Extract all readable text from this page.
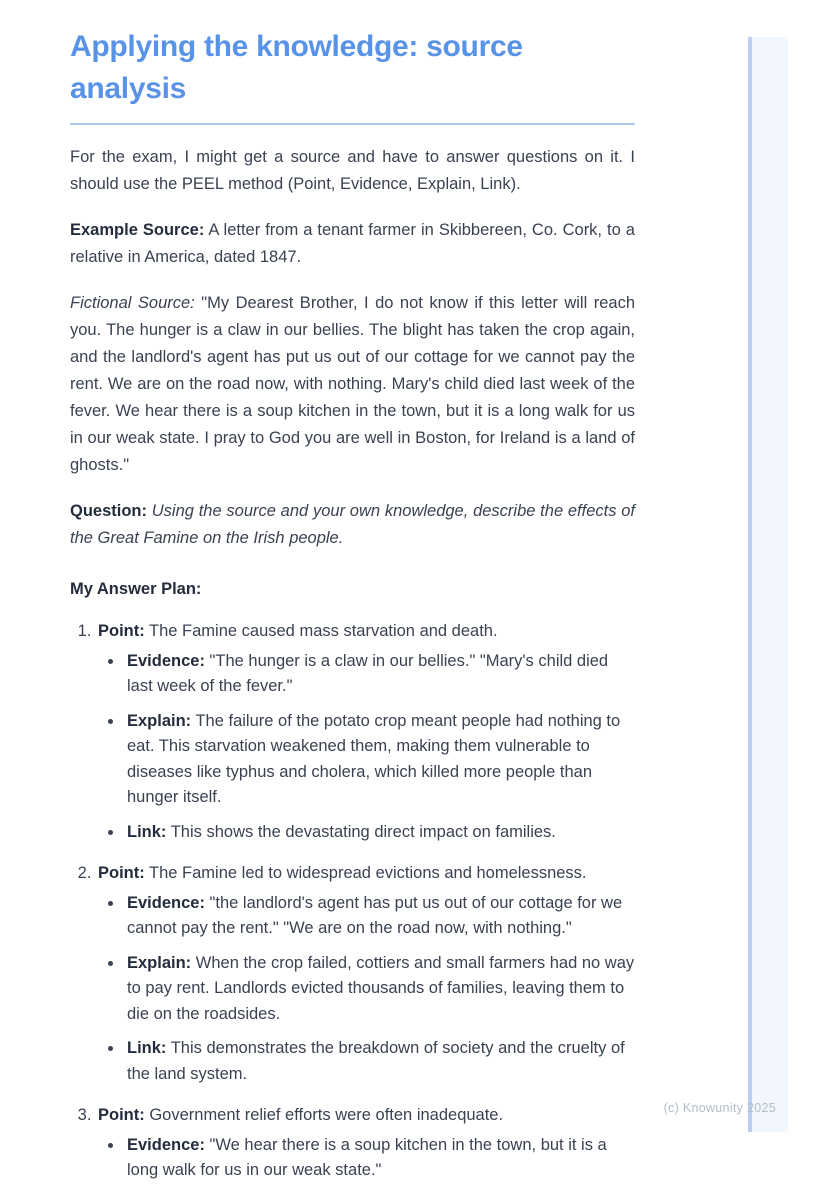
Applying the knowledge: source analysis

For the exam, I might get a source and have to answer questions on it. I should use the PEEL method (Point, Evidence, Explain, Link).

Example Source: A letter from a tenant farmer in Skibbereen, Co. Cork, to a relative in America, dated 1847.

Fictional Source: "My Dearest Brother, I do not know if this letter will reach you. The hunger is a claw in our bellies. The blight has taken the crop again, and the landlord's agent has put us out of our cottage for we cannot pay the rent. We are on the road now, with nothing. Mary's child died last week of the fever. We hear there is a soup kitchen in the town, but it is a long walk for us in our weak state. I pray to God you are well in Boston, for Ireland is a land of ghosts."

Question: Using the source and your own knowledge, describe the effects of the Great Famine on the Irish people.

My Answer Plan:
1. Point: The Famine caused mass starvation and death.
• Evidence: "The hunger is a claw in our bellies." "Mary's child died last week of the fever."
• Explain: The failure of the potato crop meant people had nothing to eat. This starvation weakened them, making them vulnerable to diseases like typhus and cholera, which killed more people than hunger itself.
• Link: This shows the devastating direct impact on families.
2. Point: The Famine led to widespread evictions and homelessness.
• Evidence: "the landlord's agent has put us out of our cottage for we cannot pay the rent." "We are on the road now, with nothing."
• Explain: When the crop failed, cottiers and small farmers had no way to pay rent. Landlords evicted thousands of families, leaving them to die on the roadsides.
• Link: This demonstrates the breakdown of society and the cruelty of the land system.
3. Point: Government relief efforts were often inadequate.
• Evidence: "We hear there is a soup kitchen in the town, but it is a long walk for us in our weak state."
(c) Knowunity 2025
